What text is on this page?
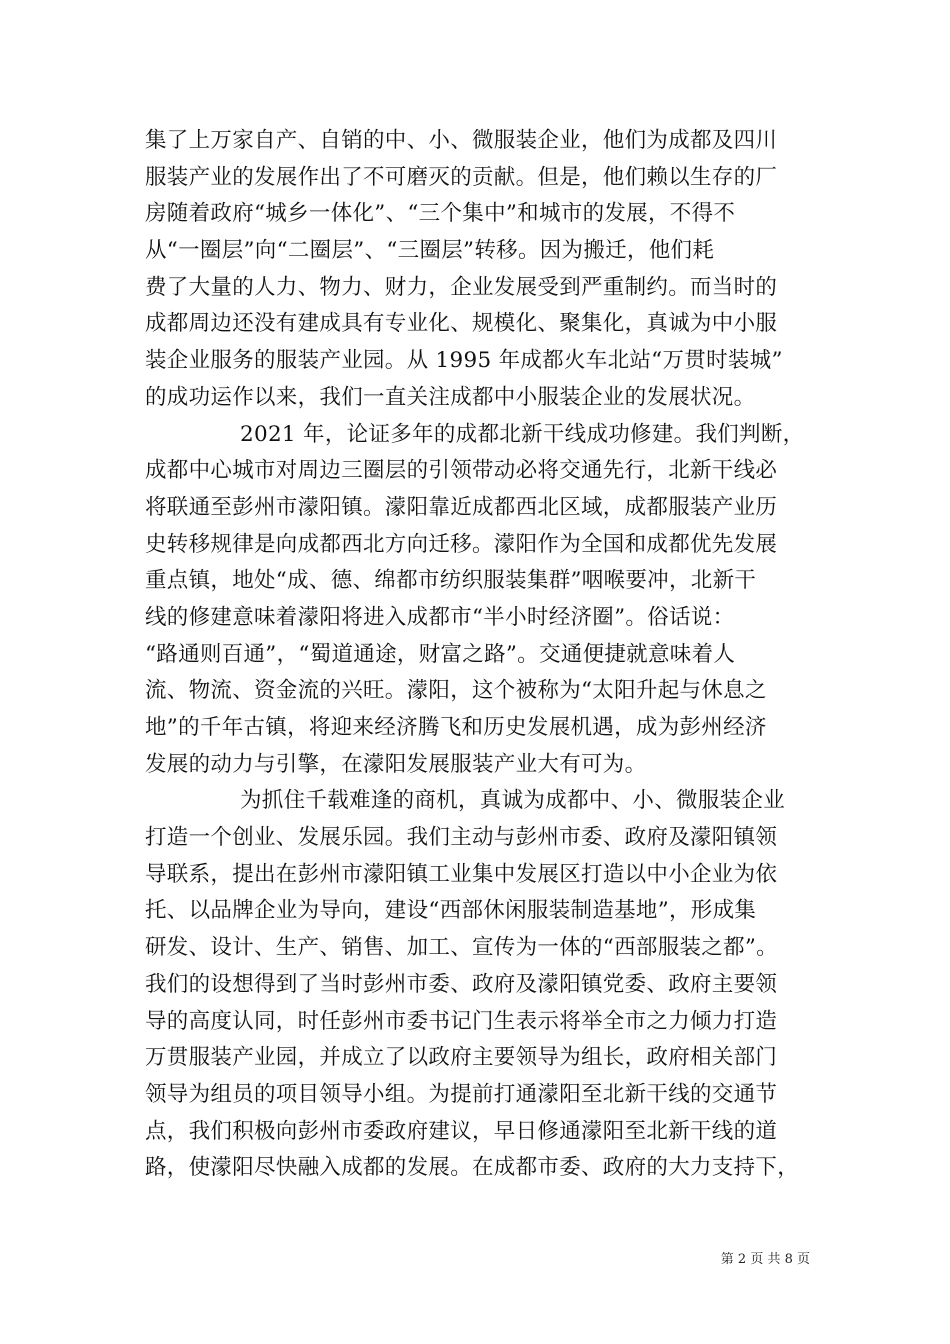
集了上万家自产、自销的中、小、微服装企业，他们为成都及四川
服装产业的发展作出了不可磨灭的贡献。但是，他们赖以生存的厂
房随着政府“城乡一体化”、“三个集中”和城市的发展，不得不
从“一圈层”向“二圈层”、“三圈层”转移。因为搬迁，他们耗
费了大量的人力、物力、财力，企业发展受到严重制约。而当时的
成都周边还没有建成具有专业化、规模化、聚集化，真诚为中小服
装企业服务的服装产业园。从 1995 年成都火车北站“万贯时装城”
的成功运作以来，我们一直关注成都中小服装企业的发展状况。
2021 年，论证多年的成都北新干线成功修建。我们判断，
成都中心城市对周边三圈层的引领带动必将交通先行，北新干线必
将联通至彭州市濛阳镇。濛阳靠近成都西北区域，成都服装产业历
史转移规律是向成都西北方向迁移。濛阳作为全国和成都优先发展
重点镇，地处“成、德、绵都市纺织服装集群”咽喉要冲，北新干
线的修建意味着濛阳将进入成都市“半小时经济圈”。俗话说：
“路通则百通”，“蜀道通途，财富之路”。交通便捷就意味着人
流、物流、资金流的兴旺。濛阳，这个被称为“太阳升起与休息之
地”的千年古镇，将迎来经济腾飞和历史发展机遇，成为彭州经济
发展的动力与引擎，在濛阳发展服装产业大有可为。
为抓住千载难逢的商机，真诚为成都中、小、微服装企业
打造一个创业、发展乐园。我们主动与彭州市委、政府及濛阳镇领
导联系，提出在彭州市濛阳镇工业集中发展区打造以中小企业为依
托、以品牌企业为导向，建设“西部休闲服装制造基地”，形成集
研发、设计、生产、销售、加工、宣传为一体的“西部服装之都”。
我们的设想得到了当时彭州市委、政府及濛阳镇党委、政府主要领
导的高度认同，时任彭州市委书记门生表示将举全市之力倾力打造
万贯服装产业园，并成立了以政府主要领导为组长，政府相关部门
领导为组员的项目领导小组。为提前打通濛阳至北新干线的交通节
点，我们积极向彭州市委政府建议，早日修通濛阳至北新干线的道
路，使濛阳尽快融入成都的发展。在成都市委、政府的大力支持下，
第 2 页 共 8 页
